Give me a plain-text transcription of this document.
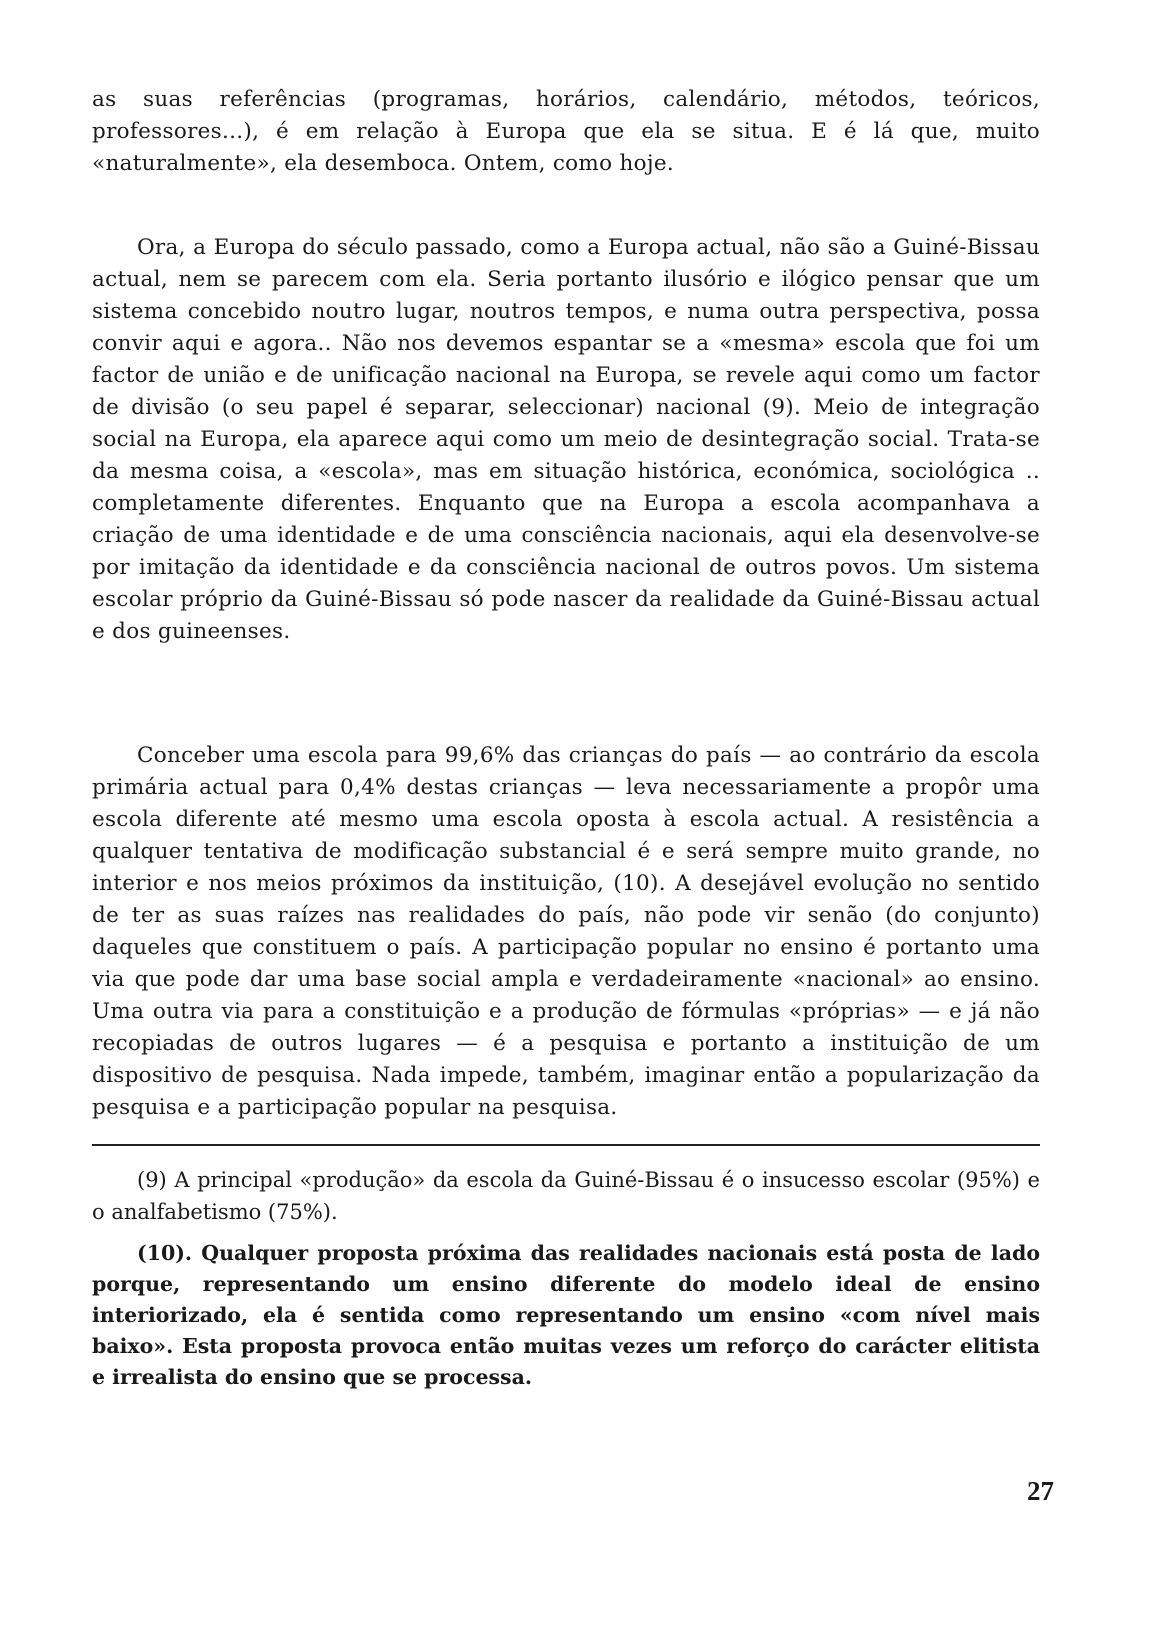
as suas referências (programas, horários, calendário, métodos, teóricos, professores...), é em relação à Europa que ela se situa. E é lá que, muito «naturalmente», ela desemboca. Ontem, como hoje.

Ora, a Europa do século passado, como a Europa actual, não são a Guiné-Bissau actual, nem se parecem com ela. Seria portanto ilusório e ilógico pensar que um sistema concebido noutro lugar, noutros tempos, e numa outra perspectiva, possa convir aqui e agora.. Não nos devemos espantar se a «mesma» escola que foi um factor de união e de unificação nacional na Europa, se revele aqui como um factor de divisão (o seu papel é separar, seleccionar) nacional (9). Meio de integração social na Europa, ela aparece aqui como um meio de desintegração social. Trata-se da mesma coisa, a «escola», mas em situação histórica, económica, sociológica .. completamente diferentes. Enquanto que na Europa a escola acompanhava a criação de uma identidade e de uma consciência nacionais, aqui ela desenvolve-se por imitação da identidade e da consciência nacional de outros povos. Um sistema escolar próprio da Guiné-Bissau só pode nascer da realidade da Guiné-Bissau actual e dos guineenses.

Conceber uma escola para 99,6% das crianças do país — ao contrário da escola primária actual para 0,4% destas crianças — leva necessariamente a propôr uma escola diferente até mesmo uma escola oposta à escola actual. A resistência a qualquer tentativa de modificação substancial é e será sempre muito grande, no interior e nos meios próximos da instituição, (10). A desejável evolução no sentido de ter as suas raízes nas realidades do país, não pode vir senão (do conjunto) daqueles que constituem o país. A participação popular no ensino é portanto uma via que pode dar uma base social ampla e verdadeiramente «nacional» ao ensino. Uma outra via para a constituição e a produção de fórmulas «próprias» — e já não recopiadas de outros lugares — é a pesquisa e portanto a instituição de um dispositivo de pesquisa. Nada impede, também, imaginar então a popularização da pesquisa e a participação popular na pesquisa.

(9) A principal «produção» da escola da Guiné-Bissau é o insucesso escolar (95%) e o analfabetismo (75%).

(10). Qualquer proposta próxima das realidades nacionais está posta de lado porque, representando um ensino diferente do modelo ideal de ensino interiorizado, ela é sentida como representando um ensino «com nível mais baixo». Esta proposta provoca então muitas vezes um reforço do carácter elitista e irrealista do ensino que se processa.

27
